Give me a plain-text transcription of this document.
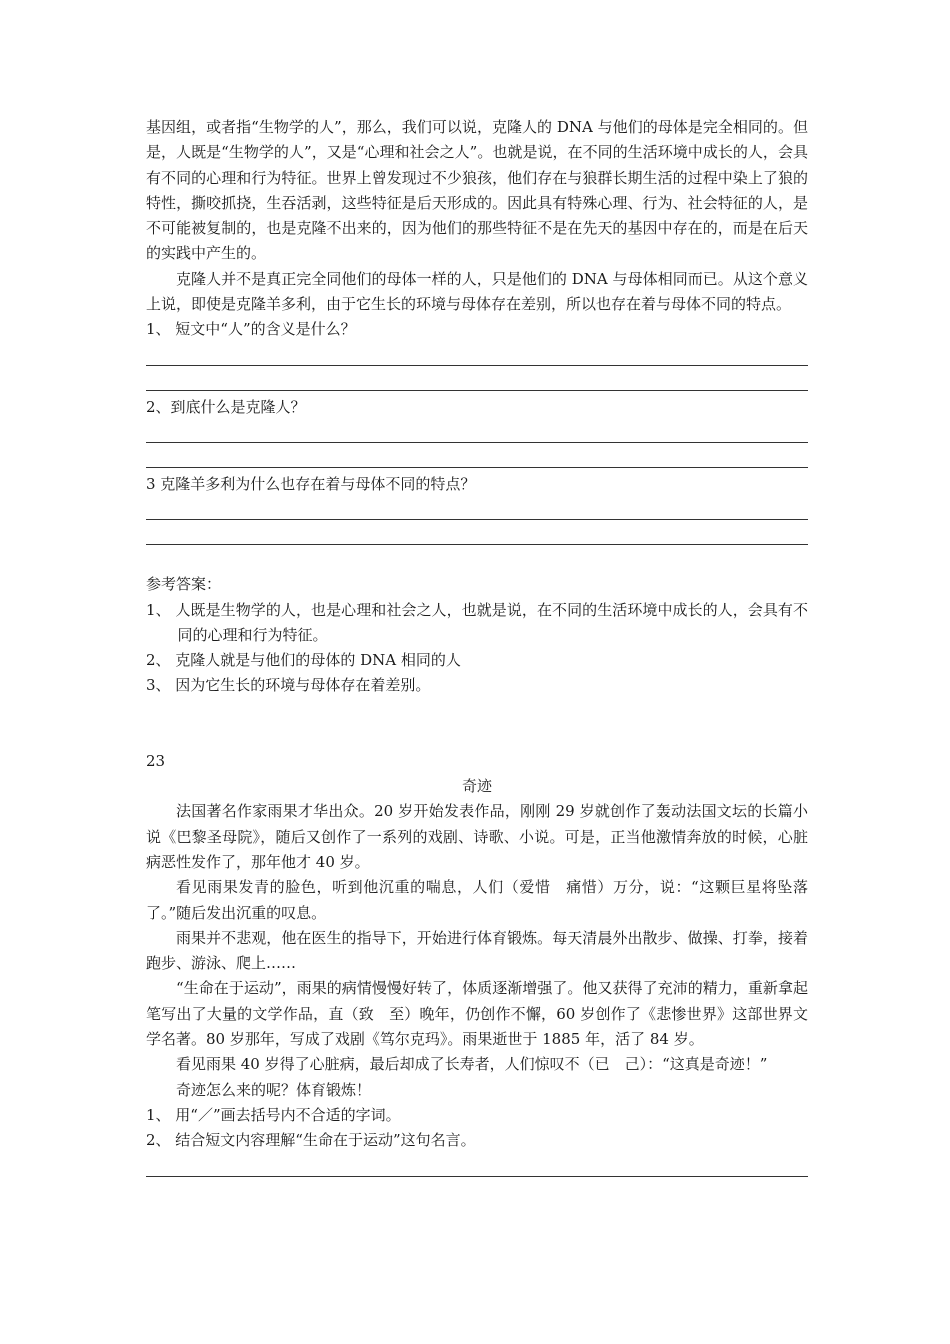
基因组，或者指“生物学的人”，那么，我们可以说，克隆人的 DNA 与他们的母体是完全相同的。但是，人既是“生物学的人”，又是“心理和社会之人”。也就是说，在不同的生活环境中成长的人，会具有不同的心理和行为特征。世界上曾发现过不少狼孩，他们存在与狼群长期生活的过程中染上了狼的特性，撕咬抓挠，生吞活剥，这些特征是后天形成的。因此具有特殊心理、行为、社会特征的人，是不可能被复制的，也是克隆不出来的，因为他们的那些特征不是在先天的基因中存在的，而是在后天的实践中产生的。

克隆人并不是真正完全同他们的母体一样的人，只是他们的 DNA 与母体相同而已。从这个意义上说，即使是克隆羊多利，由于它生长的环境与母体存在差别，所以也存在着与母体不同的特点。

1、 短文中“人”的含义是什么？

2、到底什么是克隆人？

3 克隆羊多利为什么也存在着与母体不同的特点？

参考答案：

1、 人既是生物学的人，也是心理和社会之人，也就是说，在不同的生活环境中成长的人，会具有不同的心理和行为特征。

2、 克隆人就是与他们的母体的 DNA 相同的人

3、 因为它生长的环境与母体存在着差别。

23

奇迹

法国著名作家雨果才华出众。20 岁开始发表作品，刚刚 29 岁就创作了轰动法国文坛的长篇小说《巴黎圣母院》，随后又创作了一系列的戏剧、诗歌、小说。可是，正当他激情奔放的时候，心脏病恶性发作了，那年他才 40 岁。

看见雨果发青的脸色，听到他沉重的喘息，人们（爱惜　痛惜）万分，说：“这颗巨星将坠落了。”随后发出沉重的叹息。

雨果并不悲观，他在医生的指导下，开始进行体育锻炼。每天清晨外出散步、做操、打拳，接着跑步、游泳、爬上……

“生命在于运动”，雨果的病情慢慢好转了，体质逐渐增强了。他又获得了充沛的精力，重新拿起笔写出了大量的文学作品，直（致　至）晚年，仍创作不懈，60 岁创作了《悲惨世界》这部世界文学名著。80 岁那年，写成了戏剧《笃尔克玛》。雨果逝世于 1885 年，活了 84 岁。

看见雨果 40 岁得了心脏病，最后却成了长寿者，人们惊叹不（已　己）：“这真是奇迹！”

奇迹怎么来的呢？体育锻炼！

1、 用“／”画去括号内不合适的字词。

2、 结合短文内容理解“生命在于运动”这句名言。
